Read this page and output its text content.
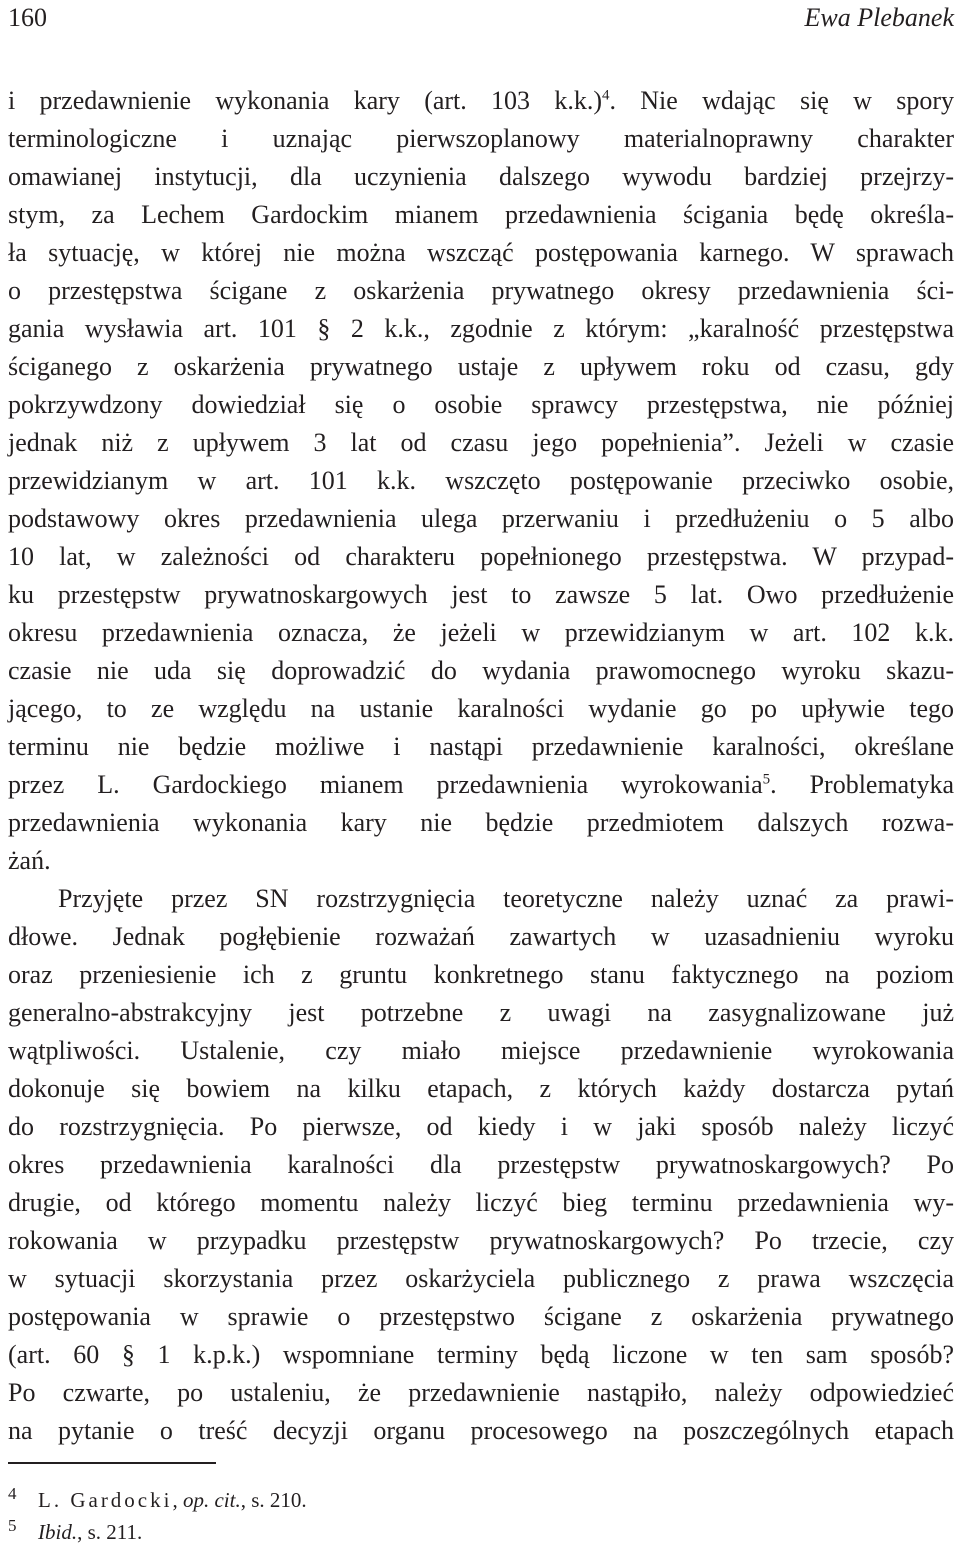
160	Ewa Plebanek
i przedawnienie wykonania kary (art. 103 k.k.)$^4$. Nie wdając się w spory
terminologiczne i uznając pierwszoplanowy materialnoprawny charakter
omawianej instytucji, dla uczynienia dalszego wywodu bardziej przejrzy-
stym, za Lechem Gardockim mianem przedawnienia ścigania będę określa-
ła sytuację, w której nie można wszcząć postępowania karnego. W sprawach
o przestępstwa ścigane z oskarżenia prywatnego okresy przedawnienia ści-
gania wysławia art. 101 § 2 k.k., zgodnie z którym: „karalność przestępstwa
ściganego z oskarżenia prywatnego ustaje z upływem roku od czasu, gdy
pokrzywdzony dowiedział się o osobie sprawcy przestępstwa, nie później
jednak niż z upływem 3 lat od czasu jego popełnienia”. Jeżeli w czasie
przewidzianym w art. 101 k.k. wszczęto postępowanie przeciwko osobie,
podstawowy okres przedawnienia ulega przerwaniu i przedłużeniu o 5 albo
10 lat, w zależności od charakteru popełnionego przestępstwa. W przypad-
ku przestępstw prywatnoskargowych jest to zawsze 5 lat. Owo przedłużenie
okresu przedawnienia oznacza, że jeżeli w przewidzianym w art. 102 k.k.
czasie nie uda się doprowadzić do wydania prawomocnego wyroku skazu-
jącego, to ze względu na ustanie karalności wydanie go po upływie tego
terminu nie będzie możliwe i nastąpi przedawnienie karalności, określane
przez L. Gardockiego mianem przedawnienia wyrokowania$^5$. Problematyka
przedawnienia wykonania kary nie będzie przedmiotem dalszych rozwa-
żań.
Przyjęte przez SN rozstrzygnięcia teoretyczne należy uznać za prawi-
dłowe. Jednak pogłębienie rozważań zawartych w uzasadnieniu wyroku
oraz przeniesienie ich z gruntu konkretnego stanu faktycznego na poziom
generalno-abstrakcyjny jest potrzebne z uwagi na zasygnalizowane już
wątpliwości. Ustalenie, czy miało miejsce przedawnienie wyrokowania
dokonuje się bowiem na kilku etapach, z których każdy dostarcza pytań
do rozstrzygnięcia. Po pierwsze, od kiedy i w jaki sposób należy liczyć
okres przedawnienia karalności dla przestępstw prywatnoskargowych? Po
drugie, od którego momentu należy liczyć bieg terminu przedawnienia wy-
rokowania w przypadku przestępstw prywatnoskargowych? Po trzecie, czy
w sytuacji skorzystania przez oskarżyciela publicznego z prawa wszczęcia
postępowania w sprawie o przestępstwo ścigane z oskarżenia prywatnego
(art. 60 § 1 k.p.k.) wspomniane terminy będą liczone w ten sam sposób?
Po czwarte, po ustaleniu, że przedawnienie nastąpiło, należy odpowiedzieć
na pytanie o treść decyzji organu procesowego na poszczególnych etapach
4 L. Gardocki, op. cit., s. 210.
5 Ibid., s. 211.
